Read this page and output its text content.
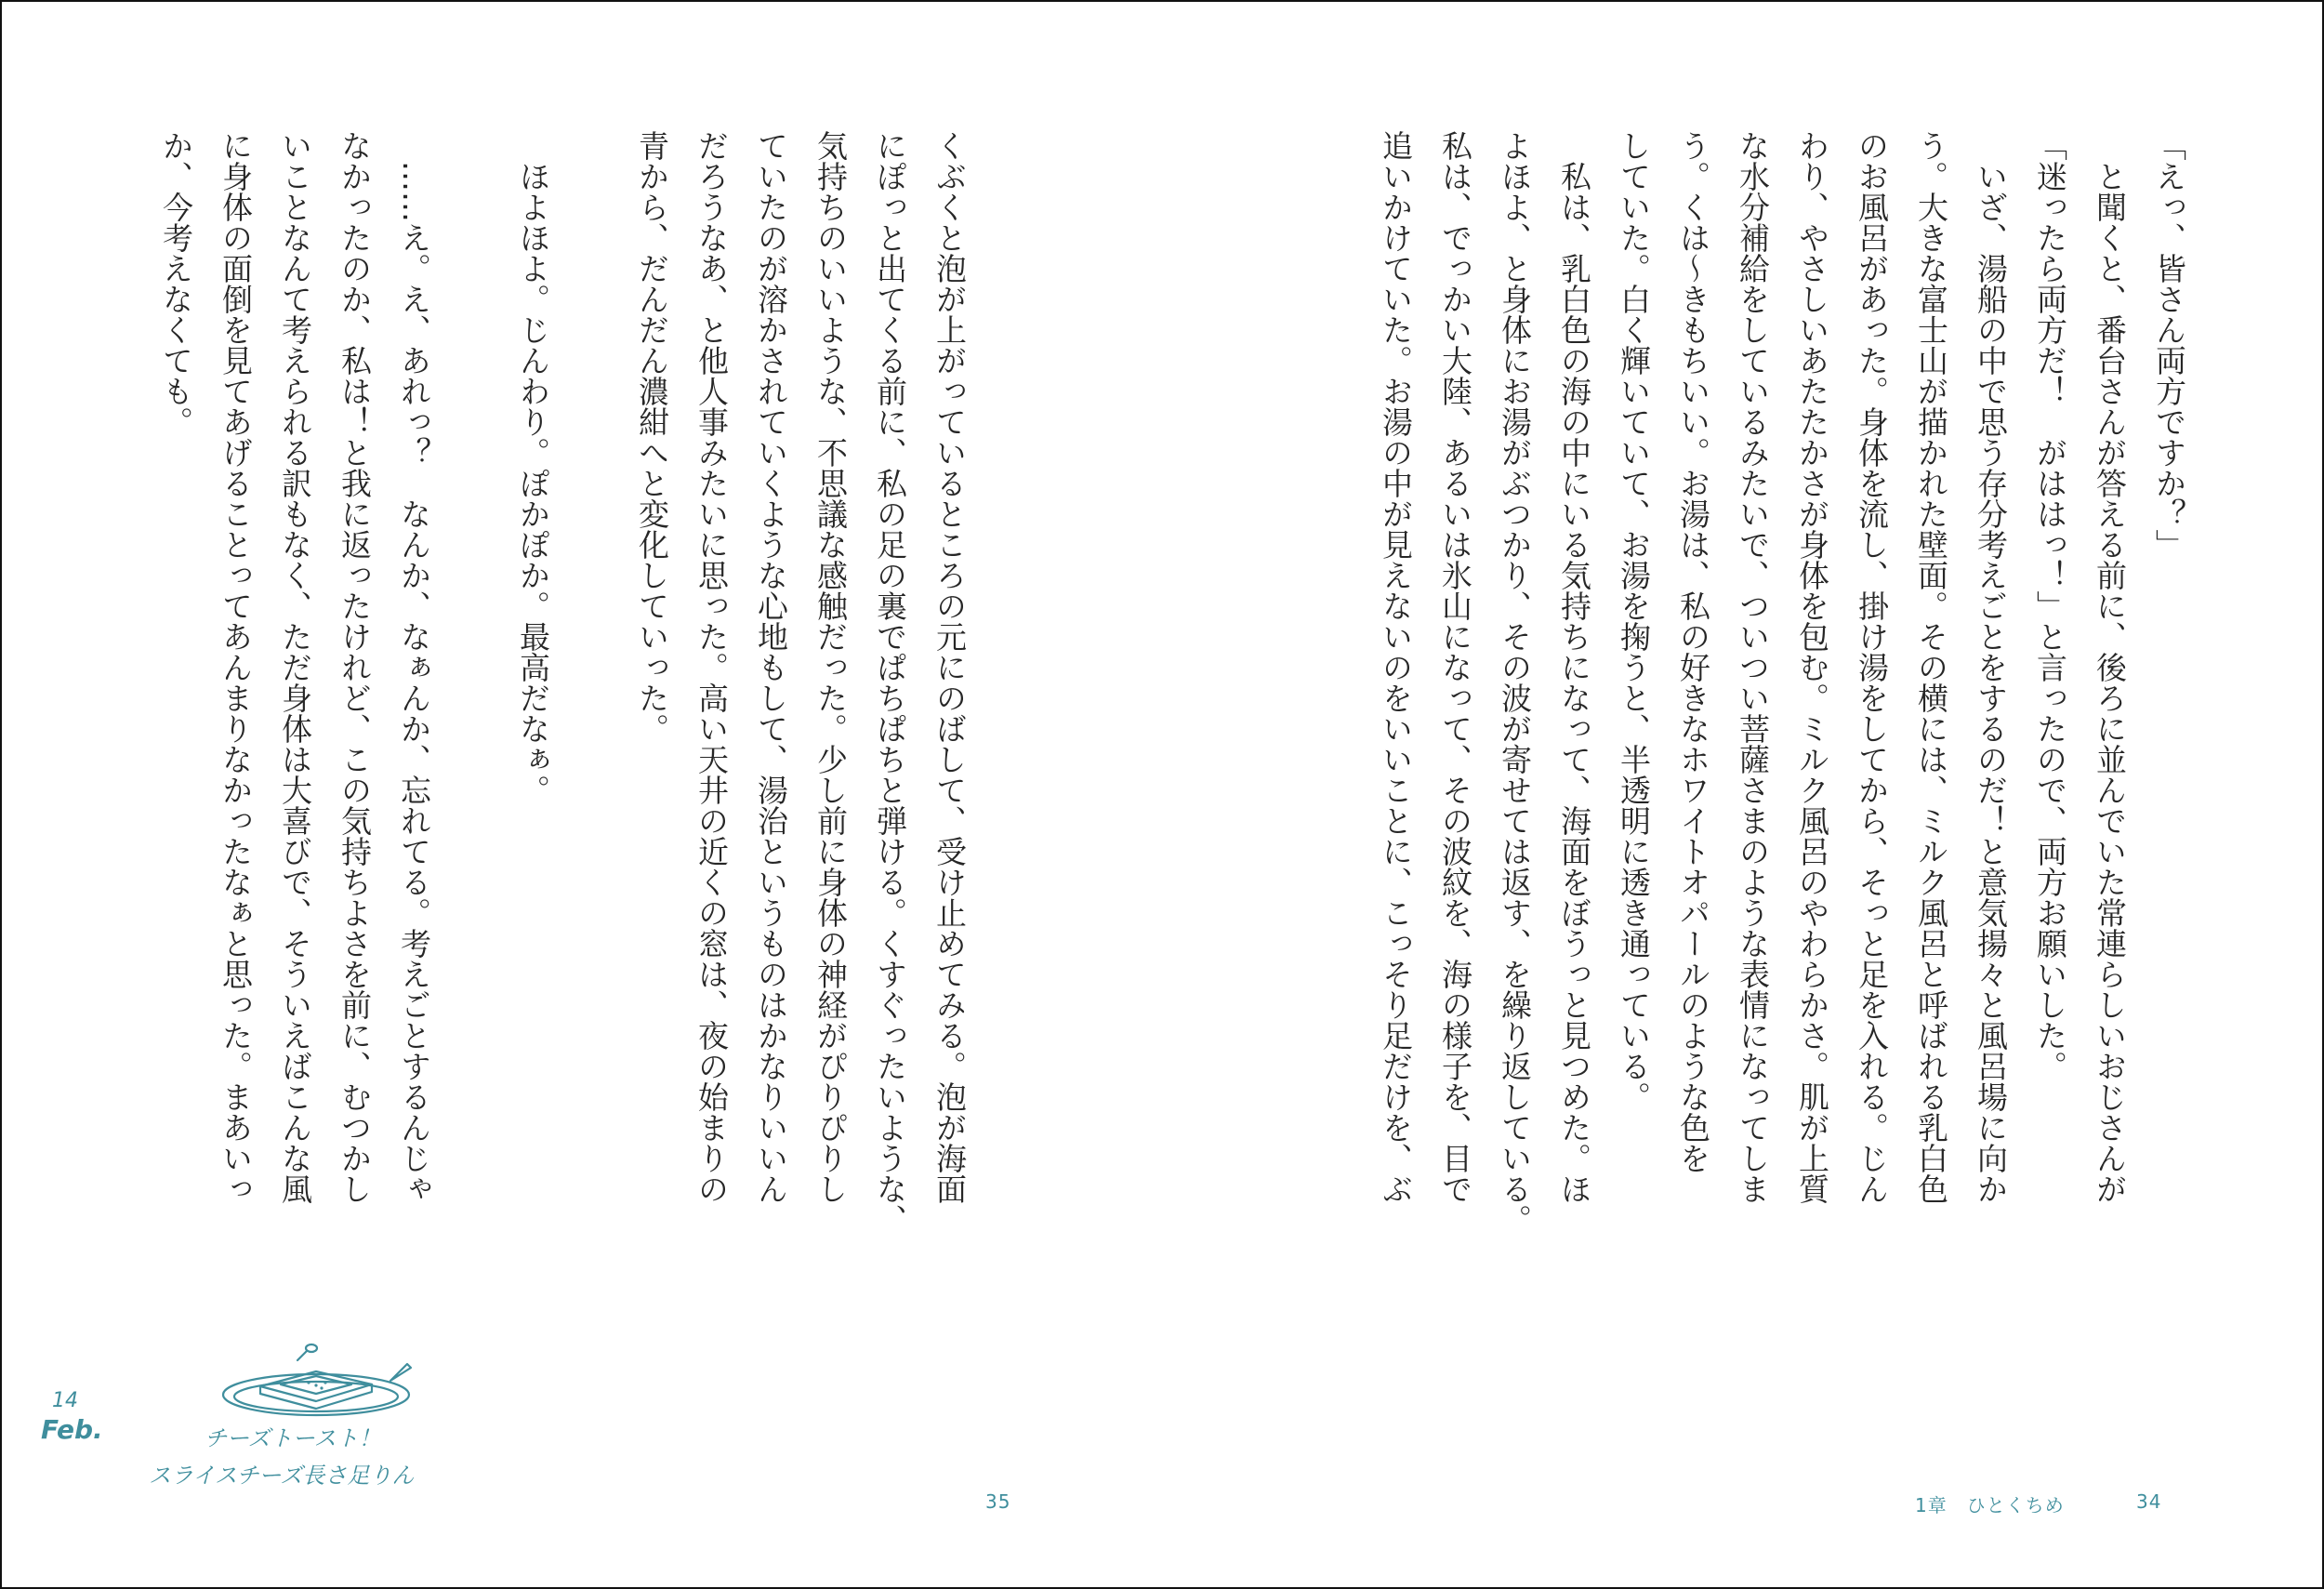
「えっ、皆さん両方ですか？」

　と聞くと、番台さんが答える前に、後ろに並んでいた常連らしいおじさんが

「迷ったら両方だ！　がははっ！」と言ったので、両方お願いした。

　いざ、湯船の中で思う存分考えごとをするのだ！と意気揚々と風呂場に向か

う。大きな富士山が描かれた壁面。その横には、ミルク風呂と呼ばれる乳白色

のお風呂があった。身体を流し、掛け湯をしてから、そっと足を入れる。じん

わり、やさしいあたたかさが身体を包む。ミルク風呂のやわらかさ。肌が上質

な水分補給をしているみたいで、ついつい菩薩さまのような表情になってしま

う。くは～きもちいい。お湯は、私の好きなホワイトオパールのような色を

していた。白く輝いていて、お湯を掬うと、半透明に透き通っている。

　私は、乳白色の海の中にいる気持ちになって、海面をぼうっと見つめた。ほ

よほよ、と身体にお湯がぶつかり、その波が寄せては返す、を繰り返している。

私は、でっかい大陸、あるいは氷山になって、その波紋を、海の様子を、目で

追いかけていた。お湯の中が見えないのをいいことに、こっそり足だけを、ぶ

1章　ひとくちめ	34

くぶくと泡が上がっているところの元にのばして、受け止めてみる。泡が海面

にぽっと出てくる前に、私の足の裏でぱちぱちと弾ける。くすぐったいような、

気持ちのいいような、不思議な感触だった。少し前に身体の神経がぴりぴりし

ていたのが溶かされていくような心地もして、湯治というものはかなりいいん

だろうなあ、と他人事みたいに思った。高い天井の近くの窓は、夜の始まりの

青から、だんだん濃紺へと変化していった。

　ほよほよ。じんわり。ぽかぽか。最高だなぁ。

　……え。え、あれっ？　なんか、なぁんか、忘れてる。考えごとするんじゃ

なかったのか、私は！と我に返ったけれど、この気持ちよさを前に、むつかし

いことなんて考えられる訳もなく、ただ身体は大喜びで、そういえばこんな風

に身体の面倒を見てあげることってあんまりなかったなぁと思った。まあいっ

か、今考えなくても。

35
14
Feb.	チーズトースト！
スライスチーズ長さ足りん
